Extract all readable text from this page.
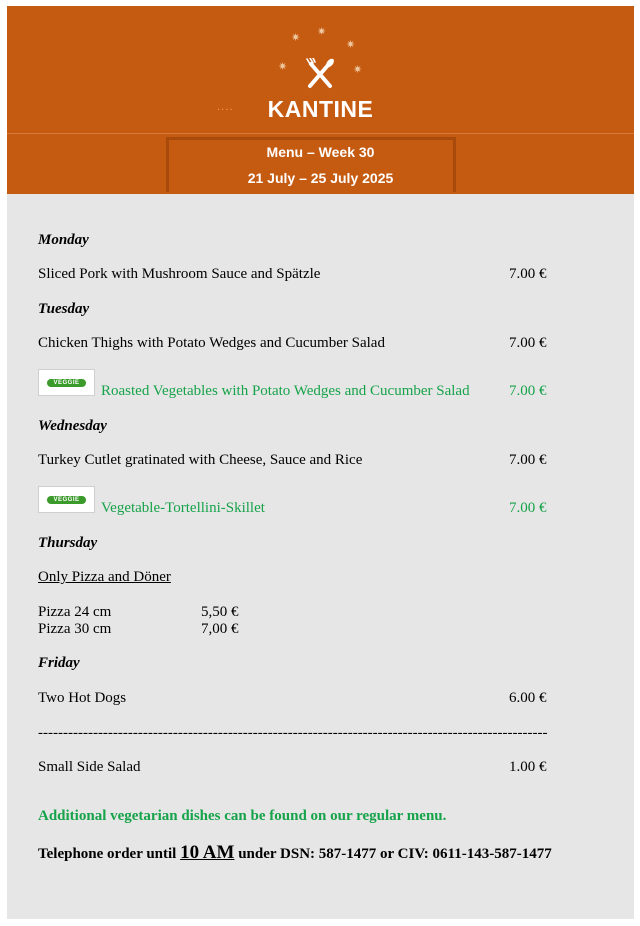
✷ ✷
✷
✷	✷
....	KANTINE
Menu – Week 30
21 July – 25 July 2025
Monday
Sliced Pork with Mushroom Sauce and Spätzle	7.00 €
Tuesday
Chicken Thighs with Potato Wedges and Cucumber Salad	7.00 €
VEGGIE
Roasted Vegetables with Potato Wedges and Cucumber Salad	7.00 €
Wednesday
Turkey Cutlet gratinated with Cheese, Sauce and Rice	7.00 €
VEGGIE
Vegetable-Tortellini-Skillet	7.00 €
Thursday
Only Pizza and Döner
Pizza 24 cm	5,50 €
Pizza 30 cm	7,00 €
Friday
Two Hot Dogs	6.00 €
------------------------------------------------------------------------------------------------------
Small Side Salad	1.00 €
Additional vegetarian dishes can be found on our regular menu.
Telephone order until 10 AM under DSN: 587-1477 or CIV: 0611-143-587-1477
